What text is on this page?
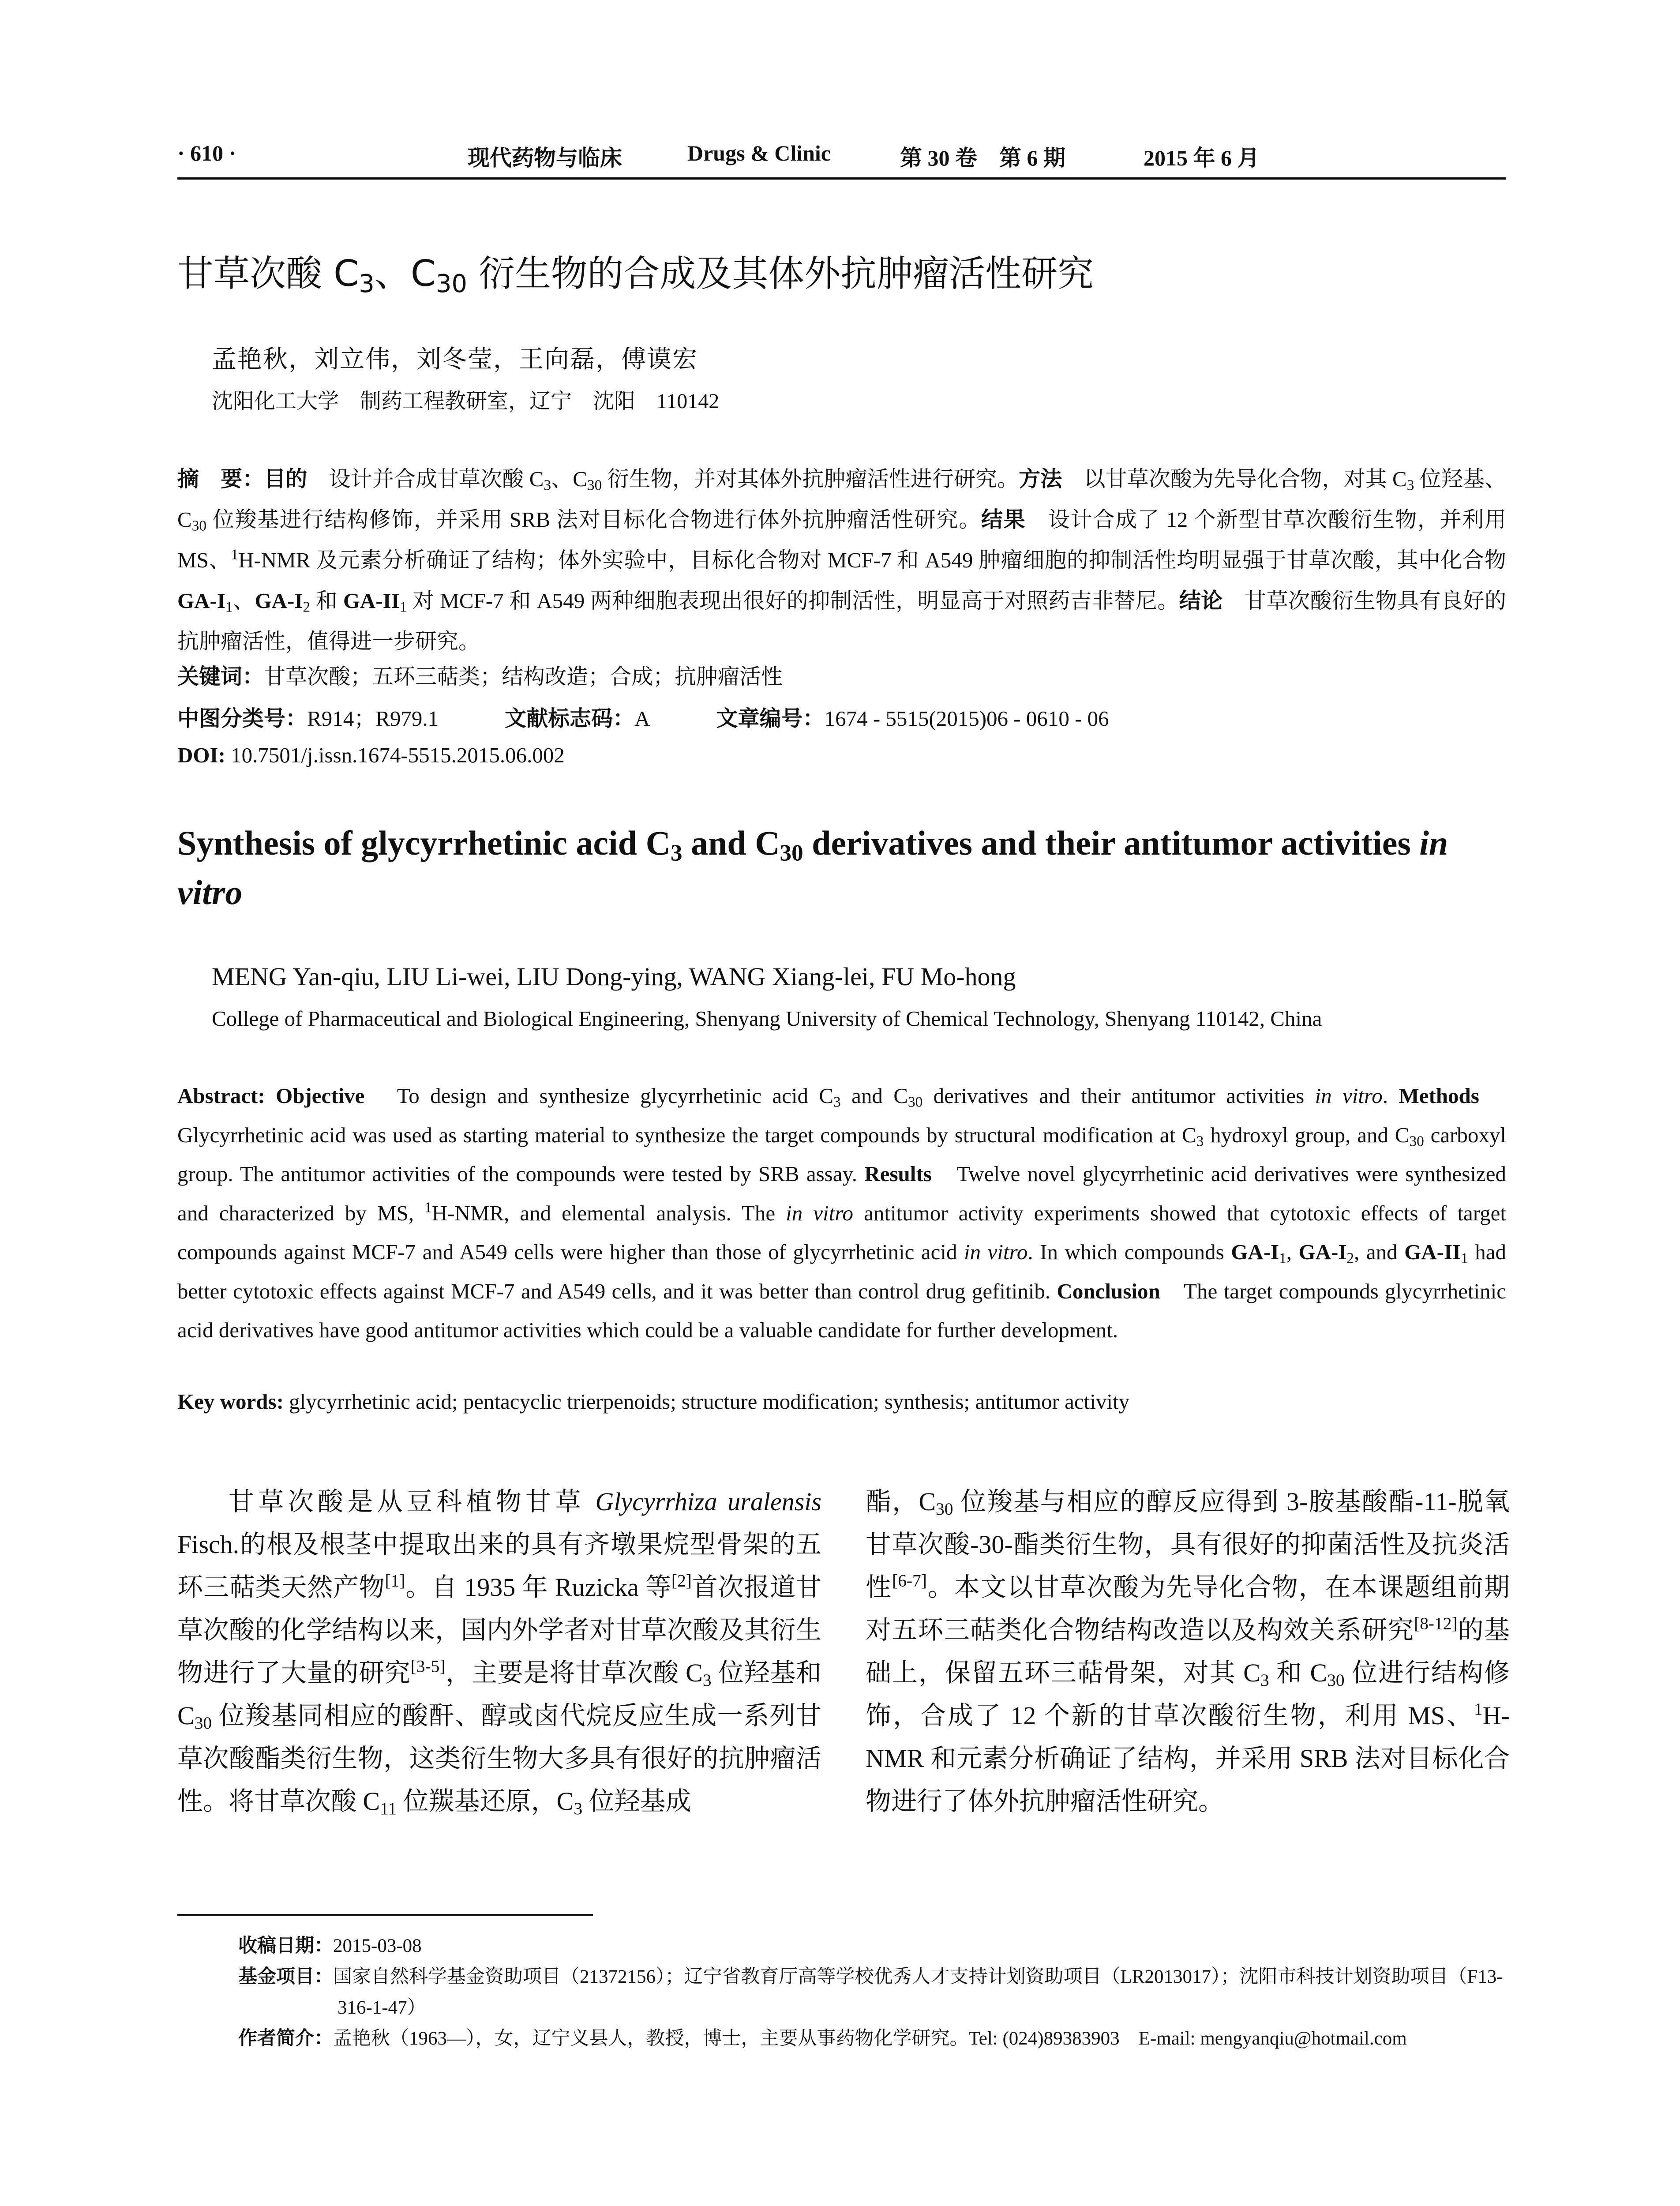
· 610 ·	现代药物与临床	Drugs & Clinic	第 30 卷　第 6 期	2015 年 6 月
甘草次酸 $C_3$、$C_{30}$ 衍生物的合成及其体外抗肿瘤活性研究
孟艳秋，刘立伟，刘冬莹，王向磊，傅谟宏
沈阳化工大学　制药工程教研室，辽宁　沈阳　110142
摘　要：目的　设计并合成甘草次酸 $C_3$、$C_{30}$ 衍生物，并对其体外抗肿瘤活性进行研究。方法　以甘草次酸为先导化合物，对其 $C_3$ 位羟基、$C_{30}$ 位羧基进行结构修饰，并采用 SRB 法对目标化合物进行体外抗肿瘤活性研究。结果　设计合成了 12 个新型甘草次酸衍生物，并利用 MS、$^1$H-NMR 及元素分析确证了结构；体外实验中，目标化合物对 MCF-7 和 A549 肿瘤细胞的抑制活性均明显强于甘草次酸，其中化合物 $GA-I_1$、$GA-I_2$ 和 $GA-II_1$ 对 MCF-7 和 A549 两种细胞表现出很好的抑制活性，明显高于对照药吉非替尼。结论　甘草次酸衍生物具有良好的抗肿瘤活性，值得进一步研究。
关键词：甘草次酸；五环三萜类；结构改造；合成；抗肿瘤活性
中图分类号：R914；R979.1	文献标志码：A	文章编号：1674 - 5515(2015)06 - 0610 - 06
DOI: 10.7501/j.issn.1674-5515.2015.06.002
Synthesis of glycyrrhetinic acid $C_3$ and $C_{30}$ derivatives and their antitumor activities in vitro
MENG Yan-qiu, LIU Li-wei, LIU Dong-ying, WANG Xiang-lei, FU Mo-hong
College of Pharmaceutical and Biological Engineering, Shenyang University of Chemical Technology, Shenyang 110142, China
Abstract: Objective　To design and synthesize glycyrrhetinic acid $C_3$ and $C_{30}$ derivatives and their antitumor activities in vitro. Methods　Glycyrrhetinic acid was used as starting material to synthesize the target compounds by structural modification at $C_3$ hydroxyl group, and $C_{30}$ carboxyl group. The antitumor activities of the compounds were tested by SRB assay. Results　Twelve novel glycyrrhetinic acid derivatives were synthesized and characterized by MS, $^1$H-NMR, and elemental analysis. The in vitro antitumor activity experiments showed that cytotoxic effects of target compounds against MCF-7 and A549 cells were higher than those of glycyrrhetinic acid in vitro. In which compounds $GA-I_1$, $GA-I_2$, and $GA-II_1$ had better cytotoxic effects against MCF-7 and A549 cells, and it was better than control drug gefitinib. Conclusion　The target compounds glycyrrhetinic acid derivatives have good antitumor activities which could be a valuable candidate for further development.
Key words: glycyrrhetinic acid; pentacyclic trierpenoids; structure modification; synthesis; antitumor activity
甘草次酸是从豆科植物甘草 Glycyrrhiza uralensis Fisch.的根及根茎中提取出来的具有齐墩果烷型骨架的五环三萜类天然产物[1]。自 1935 年 Ruzicka 等[2]首次报道甘草次酸的化学结构以来，国内外学者对甘草次酸及其衍生物进行了大量的研究[3-5]，主要是将甘草次酸 $C_3$ 位羟基和 $C_{30}$ 位羧基同相应的酸酐、醇或卤代烷反应生成一系列甘草次酸酯类衍生物，这类衍生物大多具有很好的抗肿瘤活性。将甘草次酸 $C_{11}$ 位羰基还原，$C_3$ 位羟基成
酯，$C_{30}$ 位羧基与相应的醇反应得到 3-胺基酸酯-11-脱氧甘草次酸-30-酯类衍生物，具有很好的抑菌活性及抗炎活性[6-7]。本文以甘草次酸为先导化合物，在本课题组前期对五环三萜类化合物结构改造以及构效关系研究[8-12]的基础上，保留五环三萜骨架，对其 $C_3$ 和 $C_{30}$ 位进行结构修饰，合成了 12 个新的甘草次酸衍生物，利用 MS、$^1$H-NMR 和元素分析确证了结构，并采用 SRB 法对目标化合物进行了体外抗肿瘤活性研究。
收稿日期：2015-03-08
基金项目：国家自然科学基金资助项目（21372156）；辽宁省教育厅高等学校优秀人才支持计划资助项目（LR2013017）；沈阳市科技计划资助项目（F13-316-1-47）
作者简介：孟艳秋（1963—），女，辽宁义县人，教授，博士，主要从事药物化学研究。Tel: (024)89383903　E-mail: mengyanqiu@hotmail.com
